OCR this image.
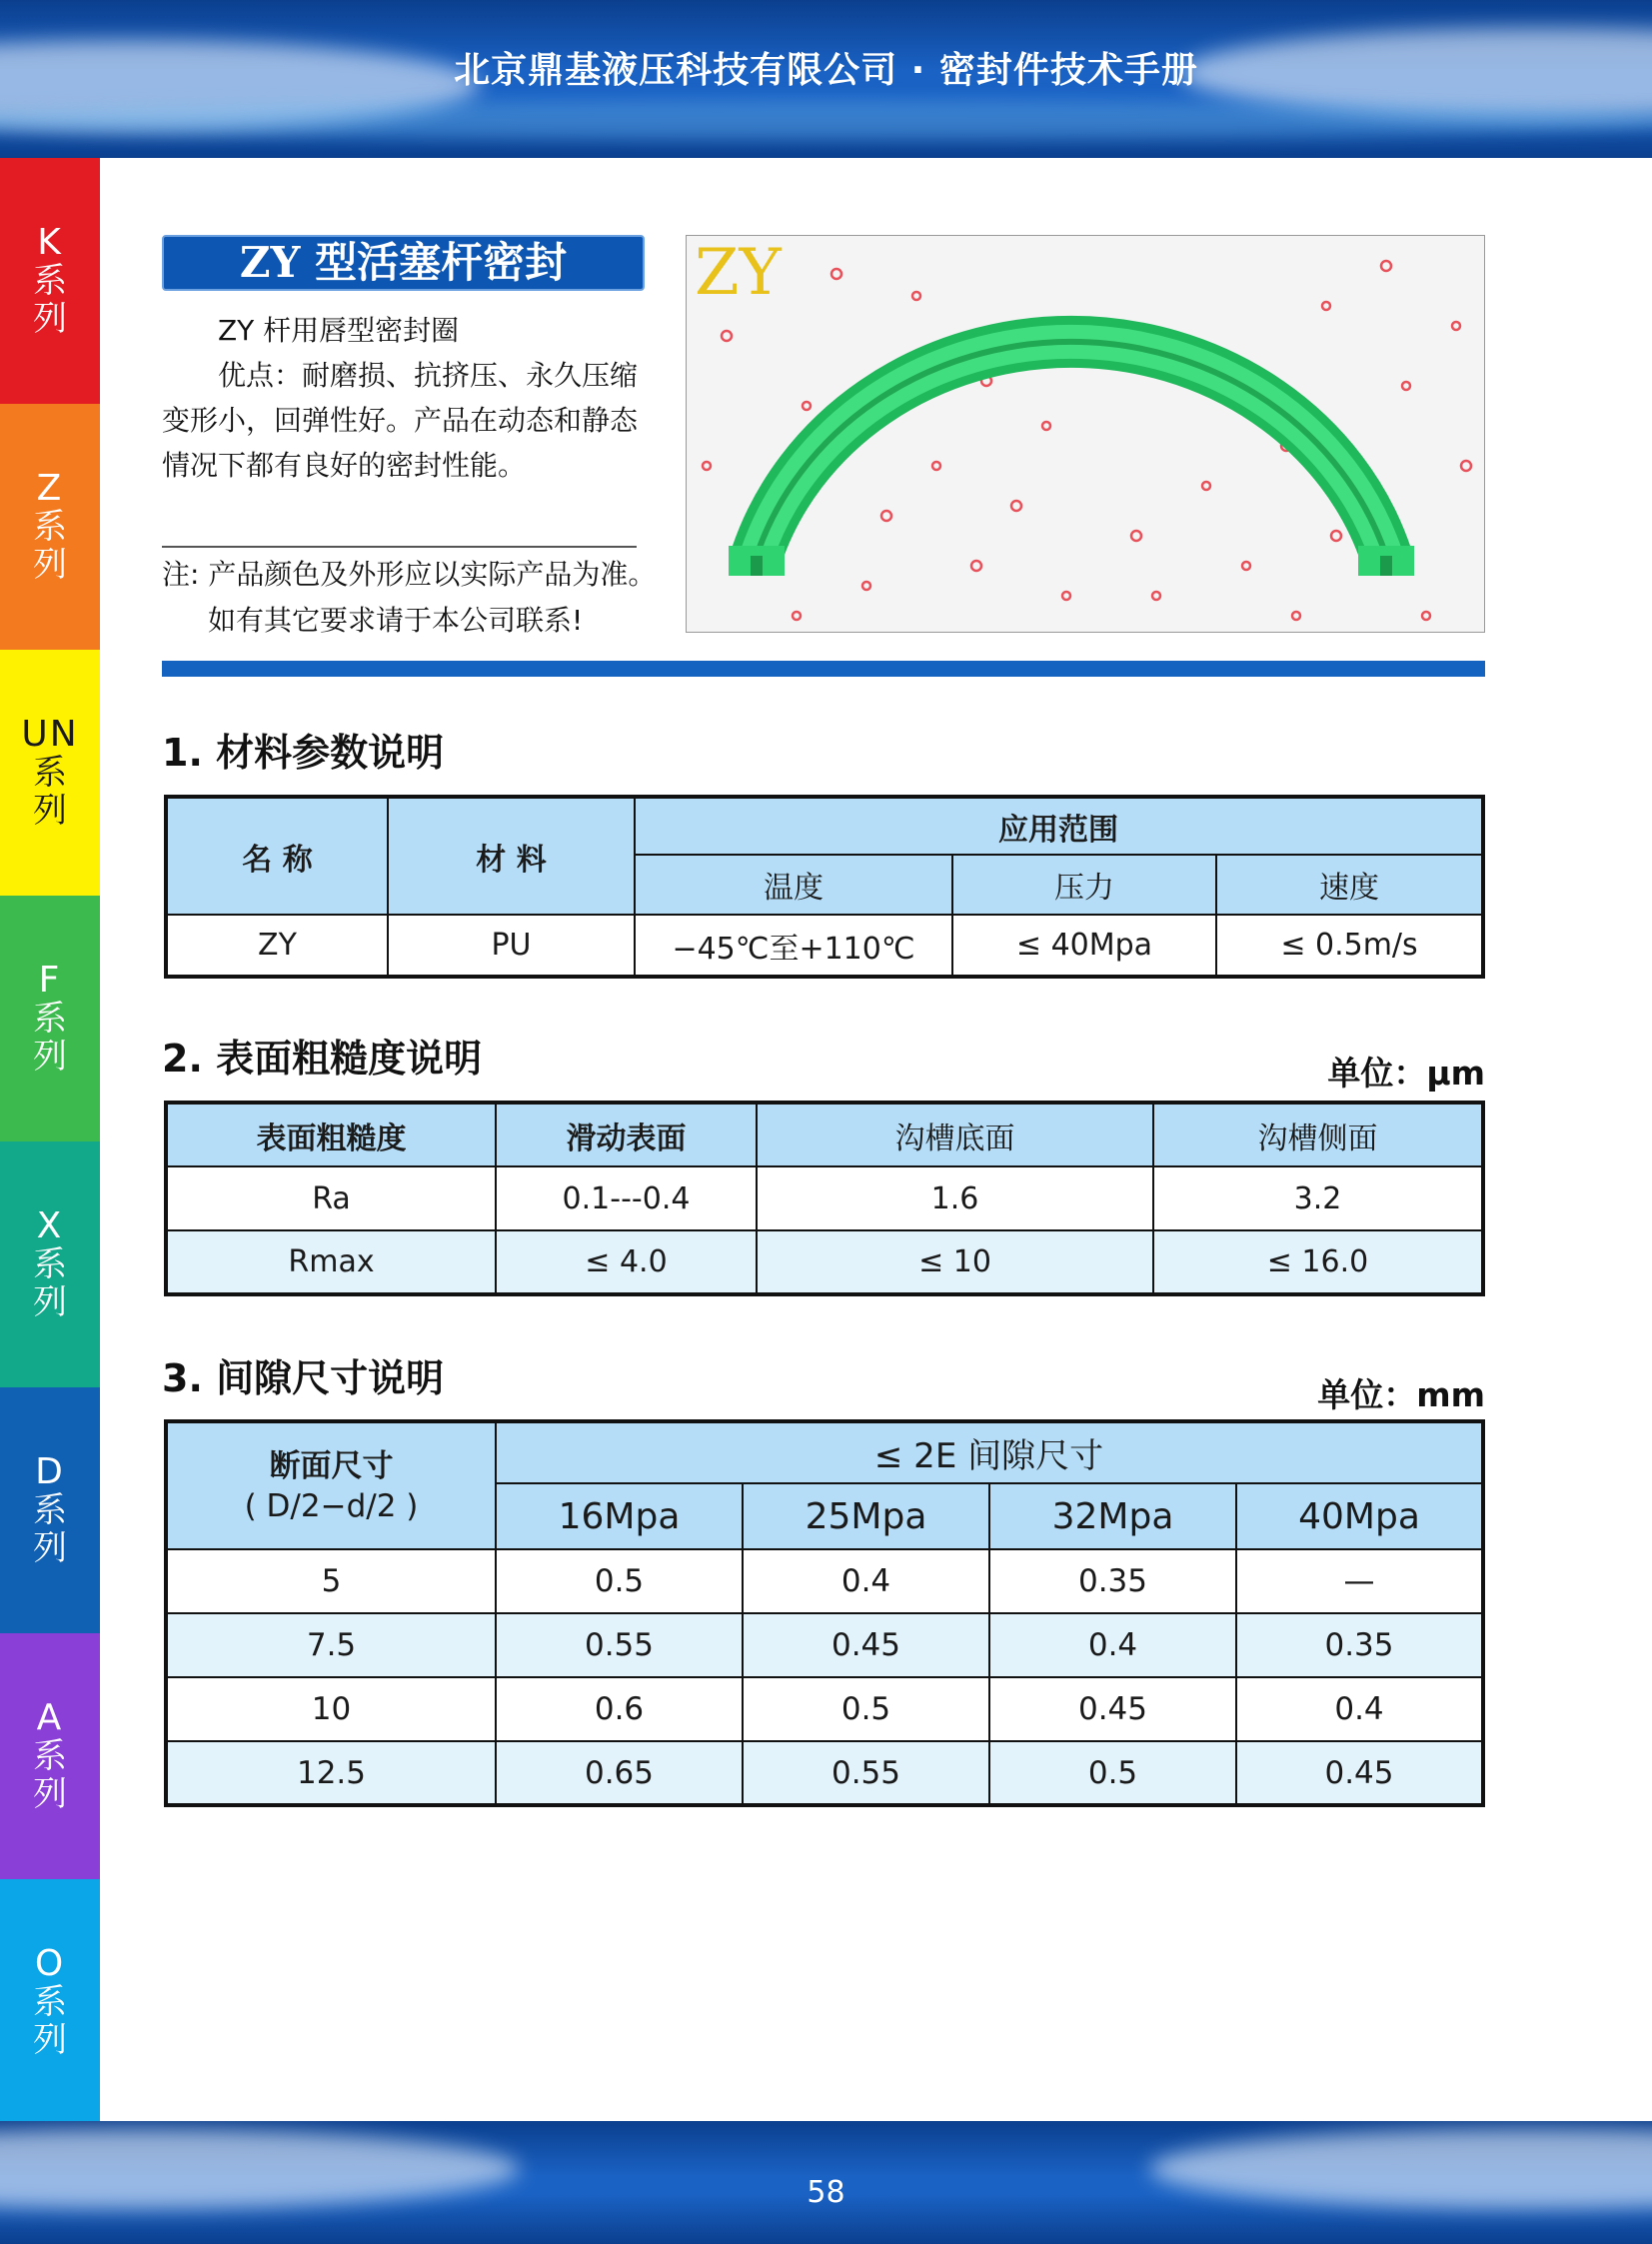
北京鼎基液压科技有限公司 · 密封件技术手册
K
系列
Z
系列
UN
系列
F
系列
X
系列
D
系列
A
系列
O
系列
ZY 型活塞杆密封

ZY 杆用唇型密封圈

优点：耐磨损、抗挤压、永久压缩

变形小，回弹性好。产品在动态和静态

情况下都有良好的密封性能。

注: 产品颜色及外形应以实际产品为准。
如有其它要求请于本公司联系!
ZY
1. 材料参数说明
名 称	材 料	应用范围		
		温度	压力	速度
ZY	PU	−45℃至+110℃	≤ 40Mpa	≤ 0.5m/s
2. 表面粗糙度说明	单位：μm
表面粗糙度	滑动表面	沟槽底面	沟槽侧面
Ra	0.1---0.4	1.6	3.2
Rmax	≤ 4.0	≤ 10	≤ 16.0
3. 间隙尺寸说明	单位：mm
断面尺寸
( D/2−d/2 )	≤ 2E 间隙尺寸			
	16Mpa	25Mpa	32Mpa	40Mpa
5	0.5	0.4	0.35	—
7.5	0.55	0.45	0.4	0.35
10	0.6	0.5	0.45	0.4
12.5	0.65	0.55	0.5	0.45
58
